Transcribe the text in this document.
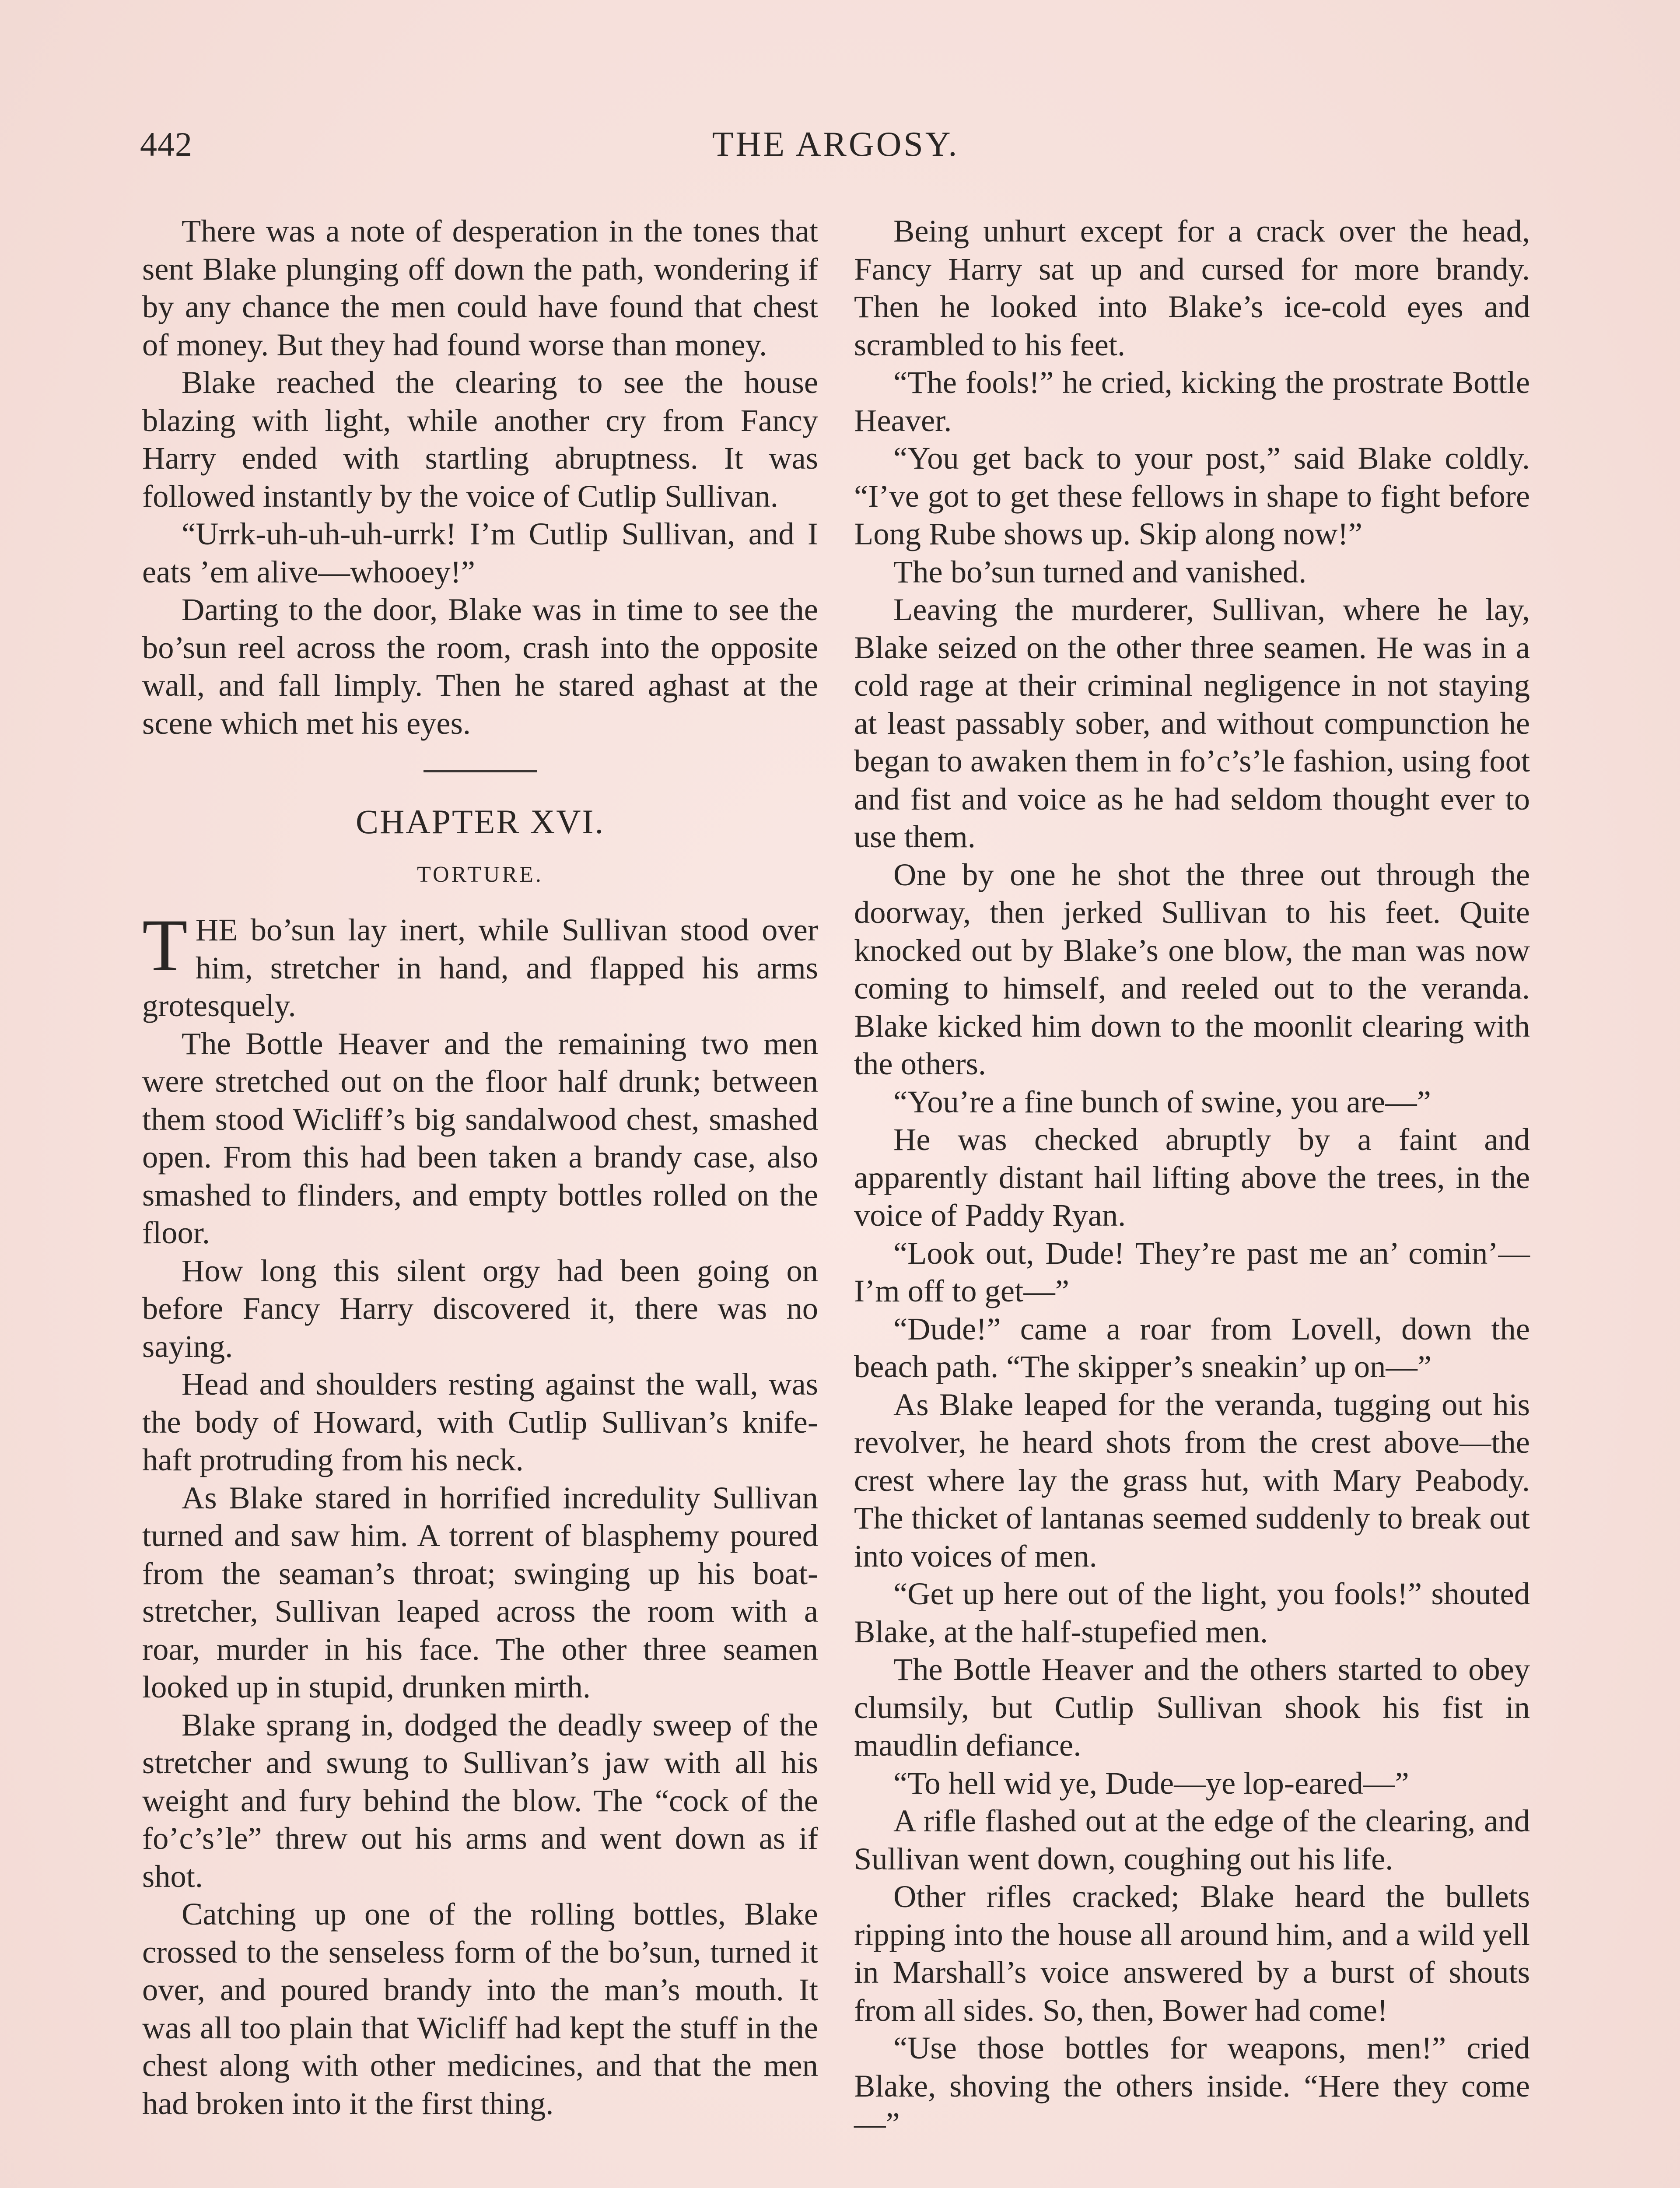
442	THE ARGOSY.

There was a note of desperation in the tones that sent Blake plunging off down the path, wondering if by any chance the men could have found that chest of money. But they had found worse than money.

Blake reached the clearing to see the house blazing with light, while another cry from Fancy Harry ended with startling abruptness. It was followed instantly by the voice of Cutlip Sullivan.

“Urrk-uh-uh-uh-urrk! I’m Cutlip Sullivan, and I eats ’em alive—whooey!”

Darting to the door, Blake was in time to see the bo’sun reel across the room, crash into the opposite wall, and fall limply. Then he stared aghast at the scene which met his eyes.

CHAPTER XVI.
TORTURE.

THE bo’sun lay inert, while Sullivan stood over him, stretcher in hand, and flapped his arms grotesquely.

The Bottle Heaver and the remaining two men were stretched out on the floor half drunk; between them stood Wicliff’s big sandalwood chest, smashed open. From this had been taken a brandy case, also smashed to flinders, and empty bottles rolled on the floor.

How long this silent orgy had been going on before Fancy Harry discovered it, there was no saying.

Head and shoulders resting against the wall, was the body of Howard, with Cutlip Sullivan’s knife-haft protruding from his neck.

As Blake stared in horrified incredulity Sullivan turned and saw him. A torrent of blasphemy poured from the seaman’s throat; swinging up his boat-stretcher, Sullivan leaped across the room with a roar, murder in his face. The other three seamen looked up in stupid, drunken mirth.

Blake sprang in, dodged the deadly sweep of the stretcher and swung to Sullivan’s jaw with all his weight and fury behind the blow. The “cock of the fo’c’s’le” threw out his arms and went down as if shot.

Catching up one of the rolling bottles, Blake crossed to the senseless form of the bo’sun, turned it over, and poured brandy into the man’s mouth. It was all too plain that Wicliff had kept the stuff in the chest along with other medicines, and that the men had broken into it the first thing.

Being unhurt except for a crack over the head, Fancy Harry sat up and cursed for more brandy. Then he looked into Blake’s ice-cold eyes and scrambled to his feet.

“The fools!” he cried, kicking the prostrate Bottle Heaver.

“You get back to your post,” said Blake coldly. “I’ve got to get these fellows in shape to fight before Long Rube shows up. Skip along now!”

The bo’sun turned and vanished.

Leaving the murderer, Sullivan, where he lay, Blake seized on the other three seamen. He was in a cold rage at their criminal negligence in not staying at least passably sober, and without compunction he began to awaken them in fo’c’s’le fashion, using foot and fist and voice as he had seldom thought ever to use them.

One by one he shot the three out through the doorway, then jerked Sullivan to his feet. Quite knocked out by Blake’s one blow, the man was now coming to himself, and reeled out to the veranda. Blake kicked him down to the moonlit clearing with the others.

“You’re a fine bunch of swine, you are—”

He was checked abruptly by a faint and apparently distant hail lifting above the trees, in the voice of Paddy Ryan.

“Look out, Dude! They’re past me an’ comin’—I’m off to get—”

“Dude!” came a roar from Lovell, down the beach path. “The skipper’s sneakin’ up on—”

As Blake leaped for the veranda, tugging out his revolver, he heard shots from the crest above—the crest where lay the grass hut, with Mary Peabody. The thicket of lantanas seemed suddenly to break out into voices of men.

“Get up here out of the light, you fools!” shouted Blake, at the half-stupefied men.

The Bottle Heaver and the others started to obey clumsily, but Cutlip Sullivan shook his fist in maudlin defiance.

“To hell wid ye, Dude—ye lop-eared—”

A rifle flashed out at the edge of the clearing, and Sullivan went down, coughing out his life.

Other rifles cracked; Blake heard the bullets ripping into the house all around him, and a wild yell in Marshall’s voice answered by a burst of shouts from all sides. So, then, Bower had come!

“Use those bottles for weapons, men!” cried Blake, shoving the others inside. “Here they come—”
